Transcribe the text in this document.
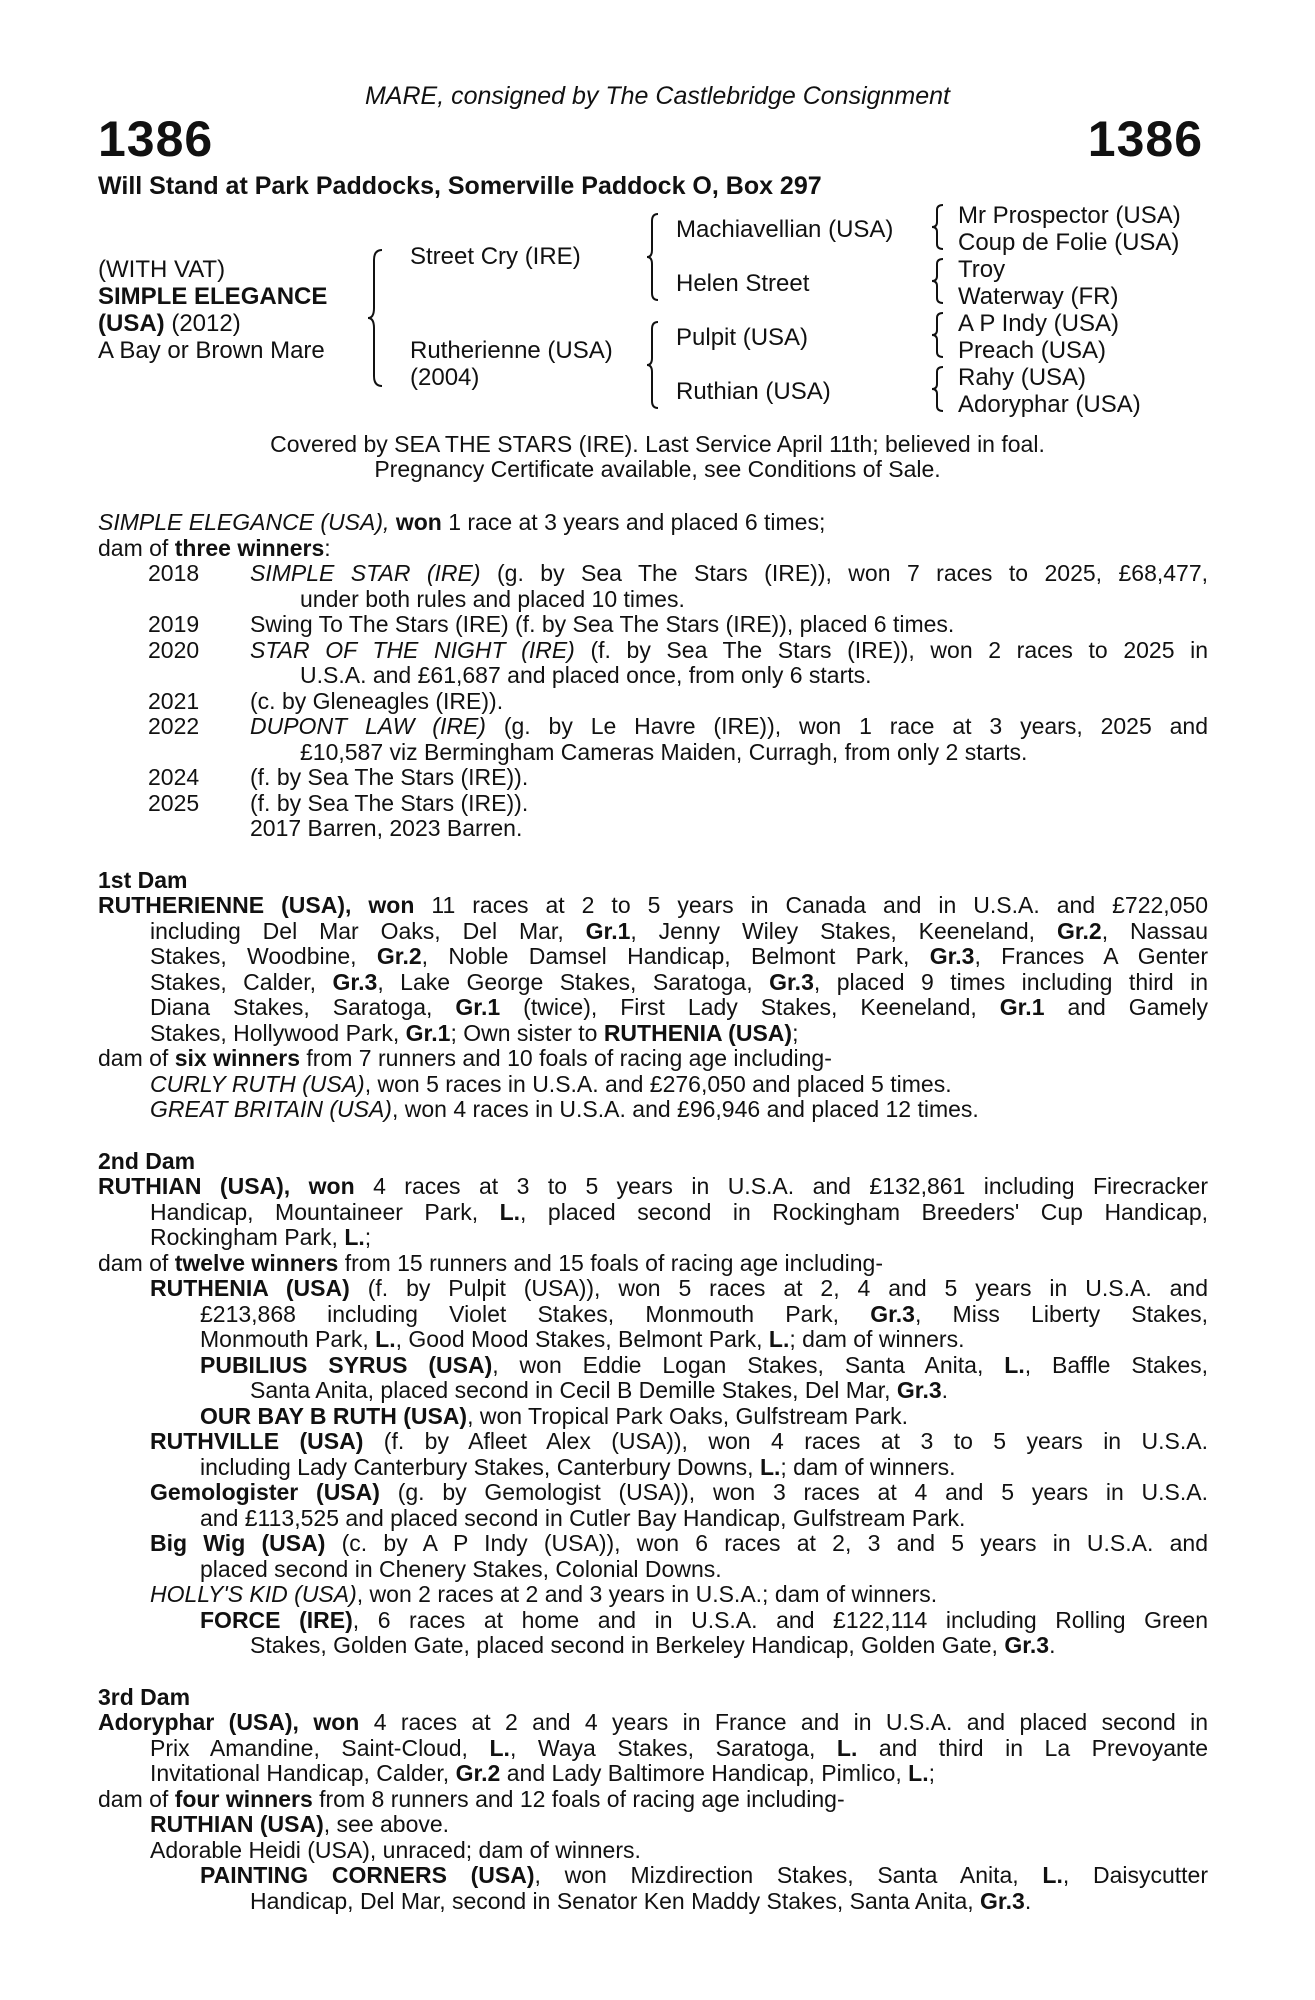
MARE, consigned by The Castlebridge Consignment
1386	1386
Will Stand at Park Paddocks, Somerville Paddock O, Box 297
(WITH VAT)
SIMPLE ELEGANCE
(USA) (2012)
A Bay or Brown Mare
Street Cry (IRE)
Rutherienne (USA)
(2004)
Machiavellian (USA)
Helen Street
Pulpit (USA)
Ruthian (USA)
Mr Prospector (USA)
Coup de Folie (USA)
Troy
Waterway (FR)
A P Indy (USA)
Preach (USA)
Rahy (USA)
Adoryphar (USA)
Covered by SEA THE STARS (IRE). Last Service April 11th; believed in foal.
Pregnancy Certificate available, see Conditions of Sale.
SIMPLE ELEGANCE (USA), won 1 race at 3 years and placed 6 times;
dam of three winners:
2018 SIMPLE STAR (IRE) (g. by Sea The Stars (IRE)), won 7 races to 2025, £68,477,
under both rules and placed 10 times.
2019 Swing To The Stars (IRE) (f. by Sea The Stars (IRE)), placed 6 times.
2020 STAR OF THE NIGHT (IRE) (f. by Sea The Stars (IRE)), won 2 races to 2025 in
U.S.A. and £61,687 and placed once, from only 6 starts.
2021 (c. by Gleneagles (IRE)).
2022 DUPONT LAW (IRE) (g. by Le Havre (IRE)), won 1 race at 3 years, 2025 and
£10,587 viz Bermingham Cameras Maiden, Curragh, from only 2 starts.
2024 (f. by Sea The Stars (IRE)).
2025 (f. by Sea The Stars (IRE)).
2017 Barren, 2023 Barren.
1st Dam
RUTHERIENNE (USA), won 11 races at 2 to 5 years in Canada and in U.S.A. and £722,050
including Del Mar Oaks, Del Mar, Gr.1, Jenny Wiley Stakes, Keeneland, Gr.2, Nassau
Stakes, Woodbine, Gr.2, Noble Damsel Handicap, Belmont Park, Gr.3, Frances A Genter
Stakes, Calder, Gr.3, Lake George Stakes, Saratoga, Gr.3, placed 9 times including third in
Diana Stakes, Saratoga, Gr.1 (twice), First Lady Stakes, Keeneland, Gr.1 and Gamely
Stakes, Hollywood Park, Gr.1; Own sister to RUTHENIA (USA);
dam of six winners from 7 runners and 10 foals of racing age including-
CURLY RUTH (USA), won 5 races in U.S.A. and £276,050 and placed 5 times.
GREAT BRITAIN (USA), won 4 races in U.S.A. and £96,946 and placed 12 times.
2nd Dam
RUTHIAN (USA), won 4 races at 3 to 5 years in U.S.A. and £132,861 including Firecracker
Handicap, Mountaineer Park, L., placed second in Rockingham Breeders' Cup Handicap,
Rockingham Park, L.;
dam of twelve winners from 15 runners and 15 foals of racing age including-
RUTHENIA (USA) (f. by Pulpit (USA)), won 5 races at 2, 4 and 5 years in U.S.A. and
£213,868 including Violet Stakes, Monmouth Park, Gr.3, Miss Liberty Stakes,
Monmouth Park, L., Good Mood Stakes, Belmont Park, L.; dam of winners.
PUBILIUS SYRUS (USA), won Eddie Logan Stakes, Santa Anita, L., Baffle Stakes,
Santa Anita, placed second in Cecil B Demille Stakes, Del Mar, Gr.3.
OUR BAY B RUTH (USA), won Tropical Park Oaks, Gulfstream Park.
RUTHVILLE (USA) (f. by Afleet Alex (USA)), won 4 races at 3 to 5 years in U.S.A.
including Lady Canterbury Stakes, Canterbury Downs, L.; dam of winners.
Gemologister (USA) (g. by Gemologist (USA)), won 3 races at 4 and 5 years in U.S.A.
and £113,525 and placed second in Cutler Bay Handicap, Gulfstream Park.
Big Wig (USA) (c. by A P Indy (USA)), won 6 races at 2, 3 and 5 years in U.S.A. and
placed second in Chenery Stakes, Colonial Downs.
HOLLY'S KID (USA), won 2 races at 2 and 3 years in U.S.A.; dam of winners.
FORCE (IRE), 6 races at home and in U.S.A. and £122,114 including Rolling Green
Stakes, Golden Gate, placed second in Berkeley Handicap, Golden Gate, Gr.3.
3rd Dam
Adoryphar (USA), won 4 races at 2 and 4 years in France and in U.S.A. and placed second in
Prix Amandine, Saint-Cloud, L., Waya Stakes, Saratoga, L. and third in La Prevoyante
Invitational Handicap, Calder, Gr.2 and Lady Baltimore Handicap, Pimlico, L.;
dam of four winners from 8 runners and 12 foals of racing age including-
RUTHIAN (USA), see above.
Adorable Heidi (USA), unraced; dam of winners.
PAINTING CORNERS (USA), won Mizdirection Stakes, Santa Anita, L., Daisycutter
Handicap, Del Mar, second in Senator Ken Maddy Stakes, Santa Anita, Gr.3.
